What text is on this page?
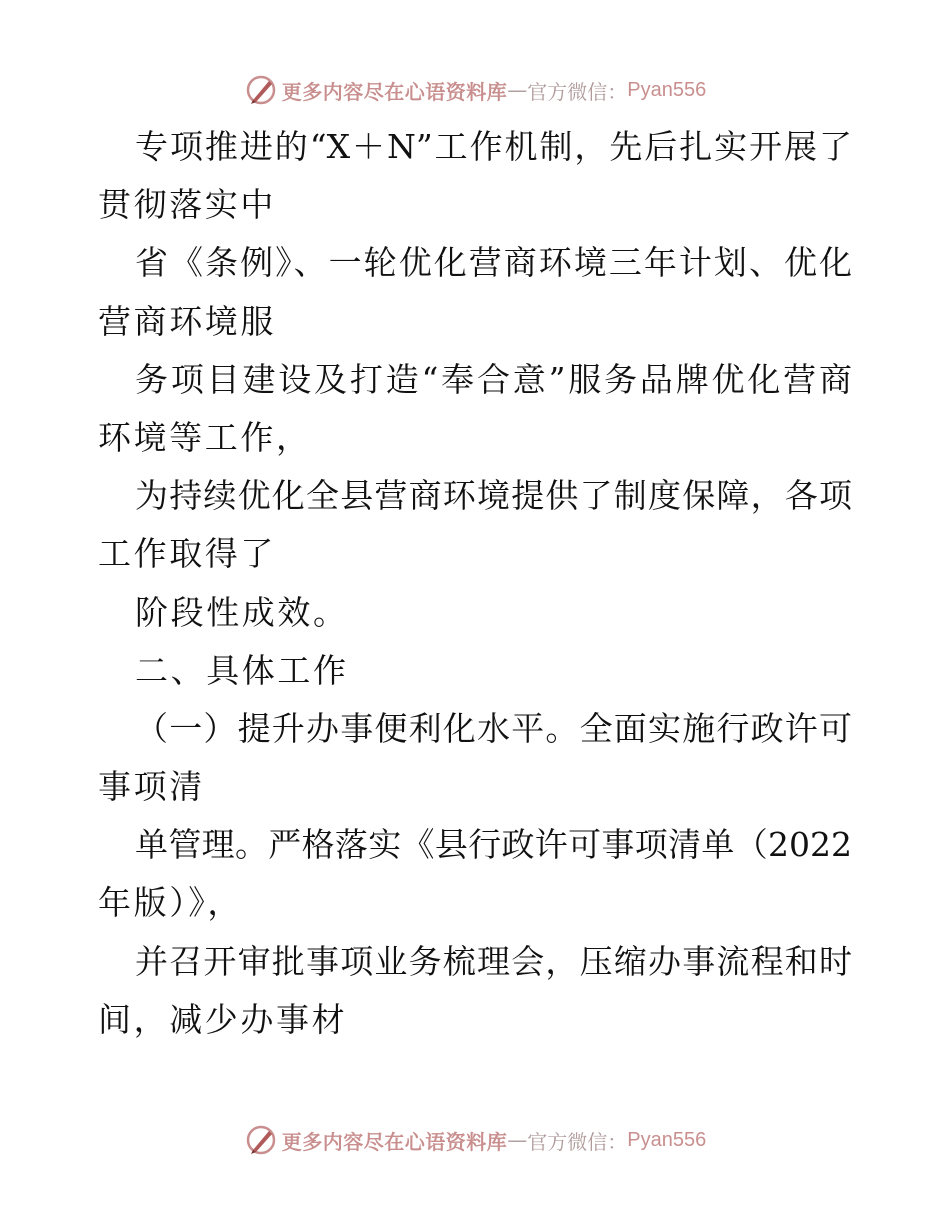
更多内容尽在心语资料库 — 官方微信： Pyan556
专项推进的“X＋N”工作机制，先后扎实开展了
贯彻落实中
省《条例》、一轮优化营商环境三年计划、优化
营商环境服
务项目建设及打造“奉合意”服务品牌优化营商
环境等工作，
为持续优化全县营商环境提供了制度保障，各项
工作取得了
阶段性成效。
二、具体工作
（一）提升办事便利化水平。全面实施行政许可
事项清
单管理。严格落实《县行政许可事项清单（2022
年版）》，
并召开审批事项业务梳理会，压缩办事流程和时
间，减少办事材
更多内容尽在心语资料库 — 官方微信： Pyan556
